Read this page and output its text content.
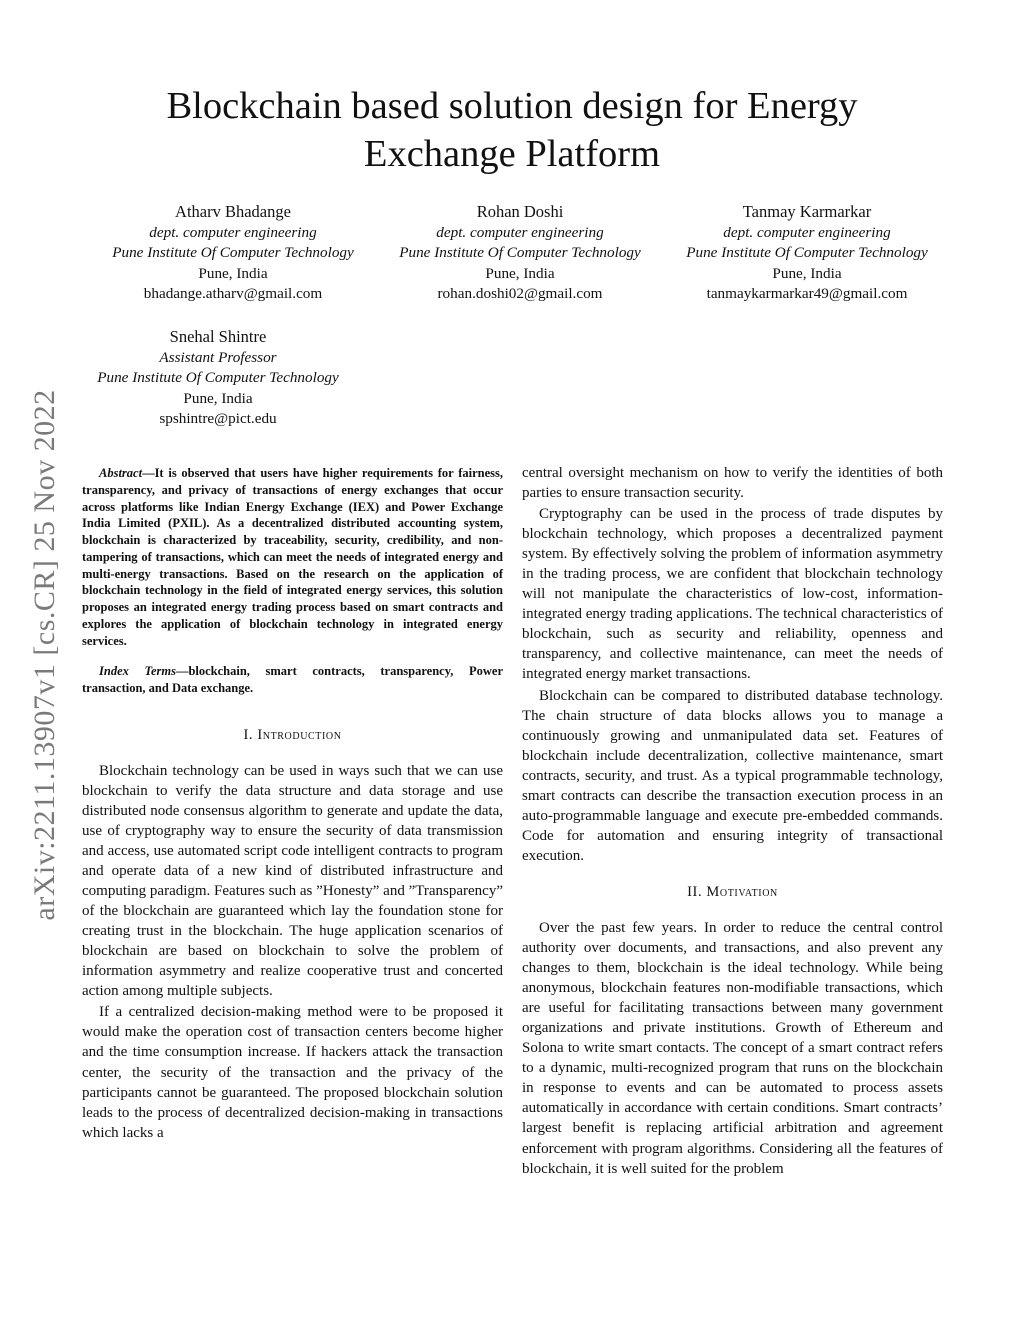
arXiv:2211.13907v1 [cs.CR] 25 Nov 2022
Blockchain based solution design for Energy Exchange Platform
Atharv Bhadange
dept. computer engineering
Pune Institute Of Computer Technology
Pune, India
bhadange.atharv@gmail.com
Rohan Doshi
dept. computer engineering
Pune Institute Of Computer Technology
Pune, India
rohan.doshi02@gmail.com
Tanmay Karmarkar
dept. computer engineering
Pune Institute Of Computer Technology
Pune, India
tanmaykarmarkar49@gmail.com
Snehal Shintre
Assistant Professor
Pune Institute Of Computer Technology
Pune, India
spshintre@pict.edu

Abstract—It is observed that users have higher requirements for fairness, transparency, and privacy of transactions of energy exchanges that occur across platforms like Indian Energy Exchange (IEX) and Power Exchange India Limited (PXIL). As a decentralized distributed accounting system, blockchain is characterized by traceability, security, credibility, and non-tampering of transactions, which can meet the needs of integrated energy and multi-energy transactions. Based on the research on the application of blockchain technology in the field of integrated energy services, this solution proposes an integrated energy trading process based on smart contracts and explores the application of blockchain technology in integrated energy services.

Index Terms—blockchain, smart contracts, transparency, Power transaction, and Data exchange.

I. Introduction

Blockchain technology can be used in ways such that we can use blockchain to verify the data structure and data storage and use distributed node consensus algorithm to generate and update the data, use of cryptography way to ensure the security of data transmission and access, use automated script code intelligent contracts to program and operate data of a new kind of distributed infrastructure and computing paradigm. Features such as ”Honesty” and ”Transparency” of the blockchain are guaranteed which lay the foundation stone for creating trust in the blockchain. The huge application scenarios of blockchain are based on blockchain to solve the problem of information asymmetry and realize cooperative trust and concerted action among multiple subjects.

If a centralized decision-making method were to be proposed it would make the operation cost of transaction centers become higher and the time consumption increase. If hackers attack the transaction center, the security of the transaction and the privacy of the participants cannot be guaranteed. The proposed blockchain solution leads to the process of decentralized decision-making in transactions which lacks a

central oversight mechanism on how to verify the identities of both parties to ensure transaction security.

Cryptography can be used in the process of trade disputes by blockchain technology, which proposes a decentralized payment system. By effectively solving the problem of information asymmetry in the trading process, we are confident that blockchain technology will not manipulate the characteristics of low-cost, information-integrated energy trading applications. The technical characteristics of blockchain, such as security and reliability, openness and transparency, and collective maintenance, can meet the needs of integrated energy market transactions.

Blockchain can be compared to distributed database technology. The chain structure of data blocks allows you to manage a continuously growing and unmanipulated data set. Features of blockchain include decentralization, collective maintenance, smart contracts, security, and trust. As a typical programmable technology, smart contracts can describe the transaction execution process in an auto-programmable language and execute pre-embedded commands. Code for automation and ensuring integrity of transactional execution.

II. Motivation

Over the past few years. In order to reduce the central control authority over documents, and transactions, and also prevent any changes to them, blockchain is the ideal technology. While being anonymous, blockchain features non-modifiable transactions, which are useful for facilitating transactions between many government organizations and private institutions. Growth of Ethereum and Solona to write smart contacts. The concept of a smart contract refers to a dynamic, multi-recognized program that runs on the blockchain in response to events and can be automated to process assets automatically in accordance with certain conditions. Smart contracts’ largest benefit is replacing artificial arbitration and agreement enforcement with program algorithms. Considering all the features of blockchain, it is well suited for the problem
